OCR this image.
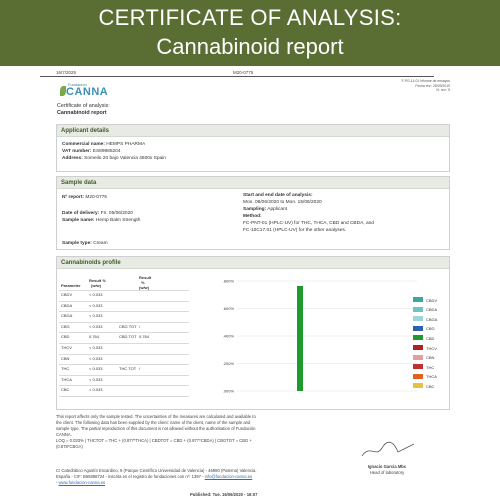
CERTIFICATE OF ANALYSIS:
Cannabinoid report
16/7/2025	M20-0775
F-PG-14.01 Informe de ensayos
Fecha rev.: 25/09/2019
N. rev.: 5
Fundación
CANNA
Certificate of analysis:
Cannabinoid report
Applicant details
Commercial name: HEMPS PHARMA
VAT number: ES89885204
Address: Someilo 20 bajo Valencia 4600x Spain
Sample data
Nº report: M20-0775
Date of delivery: Fri. 05/06/2020
Sample name: Hemp Balm Strength
Sample type: Cream
Start and end date of analysis:
Mon. 08/06/2020 to Mon. 15/06/2020
Sampling: Applicant
Method:
FC-PNT-01 (HPLC-UV) for THC, THCA, CBD and CBDA, and
FC-10C17.01 (HPLC-UV) for the other analyses.
Cannabinoids profile
Parameter
Result %
(w/w)
Result
%
(w/w)
CBDV	< 0.033
CBDA	< 0.033
CBGA	< 0.033
CBG	< 0.033	CBG TOT /
CBD	0.764	CBD TOT 0.764
THCV	< 0.033
CBN	< 0.033
THC	< 0.033	THC TOT /
THCA	< 0.033
CBC	< 0.033	.000%
.200%
.400%
.600%
.800%
CBDV
CBDA
CBGA
CBG
CBD
THCV
CBN
THC
THCA
CBC
This report affects only the sample tested. The uncertainties of the measures are calculated and available to
the client. The following data has been supplied by the client: name of the client, name of the sample and
sample type. The partial reproduction of this document is not allowed without the authorisation of Fundación
CANNA.
LOQ = 0.033% | THCTOT = THC + (0.877*THCA) | CBDTOT = CBD + (0.877*CBDA) | CBGTOT = CBG +
(0.878*CBGA)
C/ Catedrático Agustín Escardino, 9 (Parque Científico Universidad de Valencia) - 46980 (Paterna) Valencia,
España - CIF: B65898724 - inscrita en el registro de fundaciones con nº: 1397 - info@fundacion-canna.es
- www.fundacion-canna.es
Ignacio García Mbc
Head of laboratory
Published: Tue. 16/06/2020 - 16:07
